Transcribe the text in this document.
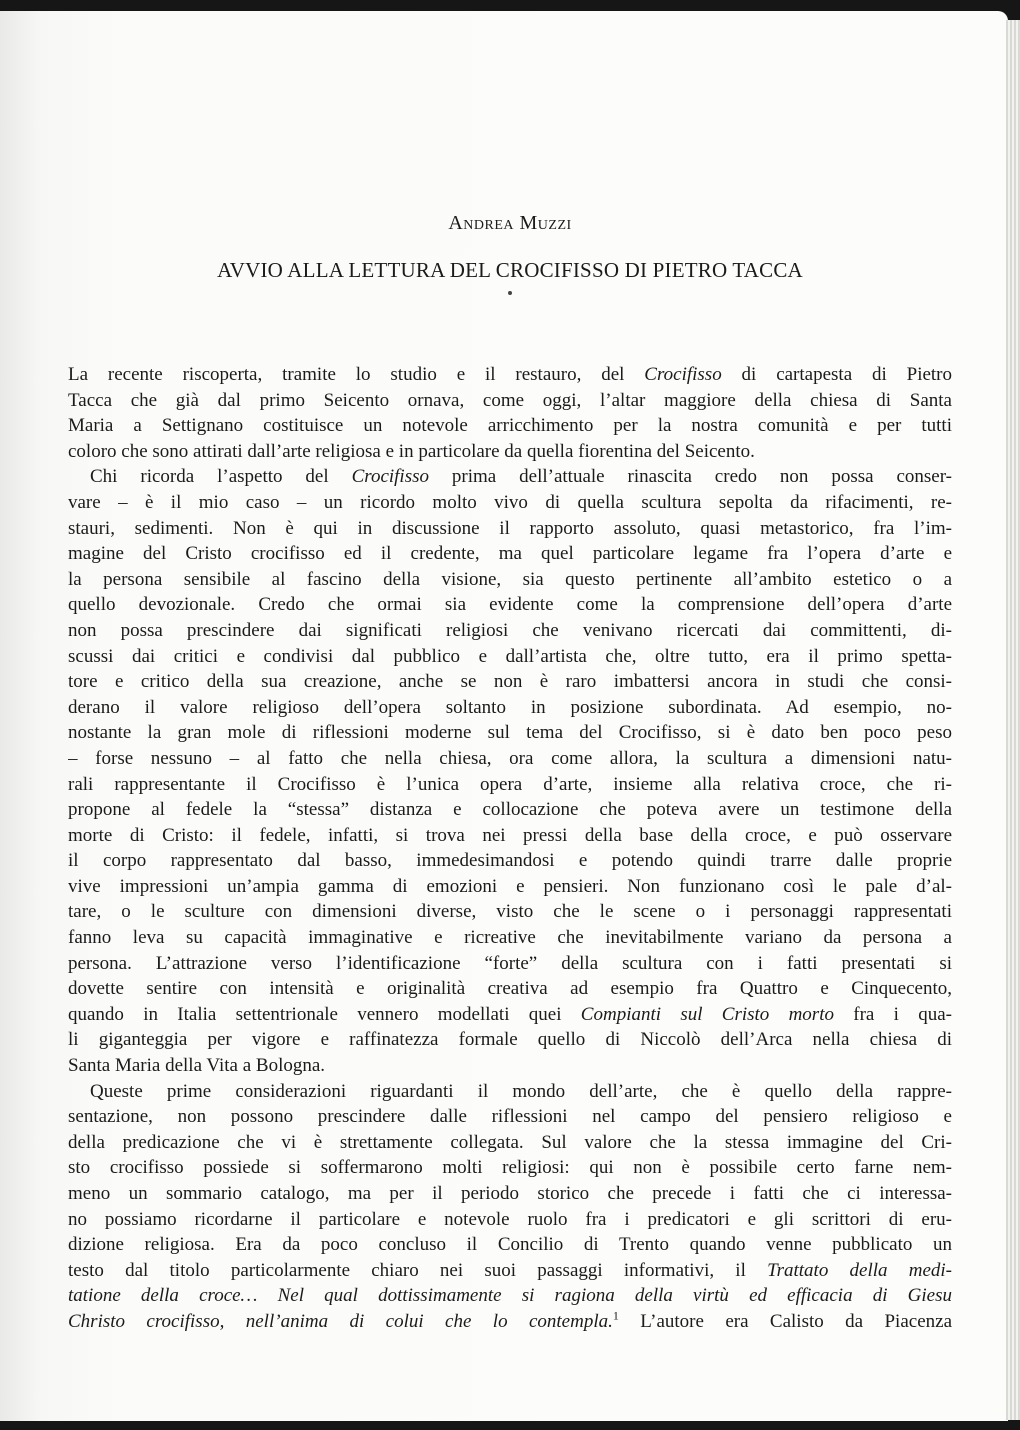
Andrea Muzzi
AVVIO ALLA LETTURA DEL CROCIFISSO DI PIETRO TACCA
La recente riscoperta, tramite lo studio e il restauro, del Crocifisso di cartapesta di Pietro
Tacca che già dal primo Seicento ornava, come oggi, l’altar maggiore della chiesa di Santa
Maria a Settignano costituisce un notevole arricchimento per la nostra comunità e per tutti
coloro che sono attirati dall’arte religiosa e in particolare da quella fiorentina del Seicento.
Chi ricorda l’aspetto del Crocifisso prima dell’attuale rinascita credo non possa conser-
vare – è il mio caso – un ricordo molto vivo di quella scultura sepolta da rifacimenti, re-
stauri, sedimenti. Non è qui in discussione il rapporto assoluto, quasi metastorico, fra l’im-
magine del Cristo crocifisso ed il credente, ma quel particolare legame fra l’opera d’arte e
la persona sensibile al fascino della visione, sia questo pertinente all’ambito estetico o a
quello devozionale. Credo che ormai sia evidente come la comprensione dell’opera d’arte
non possa prescindere dai significati religiosi che venivano ricercati dai committenti, di-
scussi dai critici e condivisi dal pubblico e dall’artista che, oltre tutto, era il primo spetta-
tore e critico della sua creazione, anche se non è raro imbattersi ancora in studi che consi-
derano il valore religioso dell’opera soltanto in posizione subordinata. Ad esempio, no-
nostante la gran mole di riflessioni moderne sul tema del Crocifisso, si è dato ben poco peso
– forse nessuno – al fatto che nella chiesa, ora come allora, la scultura a dimensioni natu-
rali rappresentante il Crocifisso è l’unica opera d’arte, insieme alla relativa croce, che ri-
propone al fedele la “stessa” distanza e collocazione che poteva avere un testimone della
morte di Cristo: il fedele, infatti, si trova nei pressi della base della croce, e può osservare
il corpo rappresentato dal basso, immedesimandosi e potendo quindi trarre dalle proprie
vive impressioni un’ampia gamma di emozioni e pensieri. Non funzionano così le pale d’al-
tare, o le sculture con dimensioni diverse, visto che le scene o i personaggi rappresentati
fanno leva su capacità immaginative e ricreative che inevitabilmente variano da persona a
persona. L’attrazione verso l’identificazione “forte” della scultura con i fatti presentati si
dovette sentire con intensità e originalità creativa ad esempio fra Quattro e Cinquecento,
quando in Italia settentrionale vennero modellati quei Compianti sul Cristo morto fra i qua-
li giganteggia per vigore e raffinatezza formale quello di Niccolò dell’Arca nella chiesa di
Santa Maria della Vita a Bologna.
Queste prime considerazioni riguardanti il mondo dell’arte, che è quello della rappre-
sentazione, non possono prescindere dalle riflessioni nel campo del pensiero religioso e
della predicazione che vi è strettamente collegata. Sul valore che la stessa immagine del Cri-
sto crocifisso possiede si soffermarono molti religiosi: qui non è possibile certo farne nem-
meno un sommario catalogo, ma per il periodo storico che precede i fatti che ci interessa-
no possiamo ricordarne il particolare e notevole ruolo fra i predicatori e gli scrittori di eru-
dizione religiosa. Era da poco concluso il Concilio di Trento quando venne pubblicato un
testo dal titolo particolarmente chiaro nei suoi passaggi informativi, il Trattato della medi-
tatione della croce… Nel qual dottissimamente si ragiona della virtù ed efficacia di Giesu
Christo crocifisso, nell’anima di colui che lo contempla.$^1$ L’autore era Calisto da Piacenza
